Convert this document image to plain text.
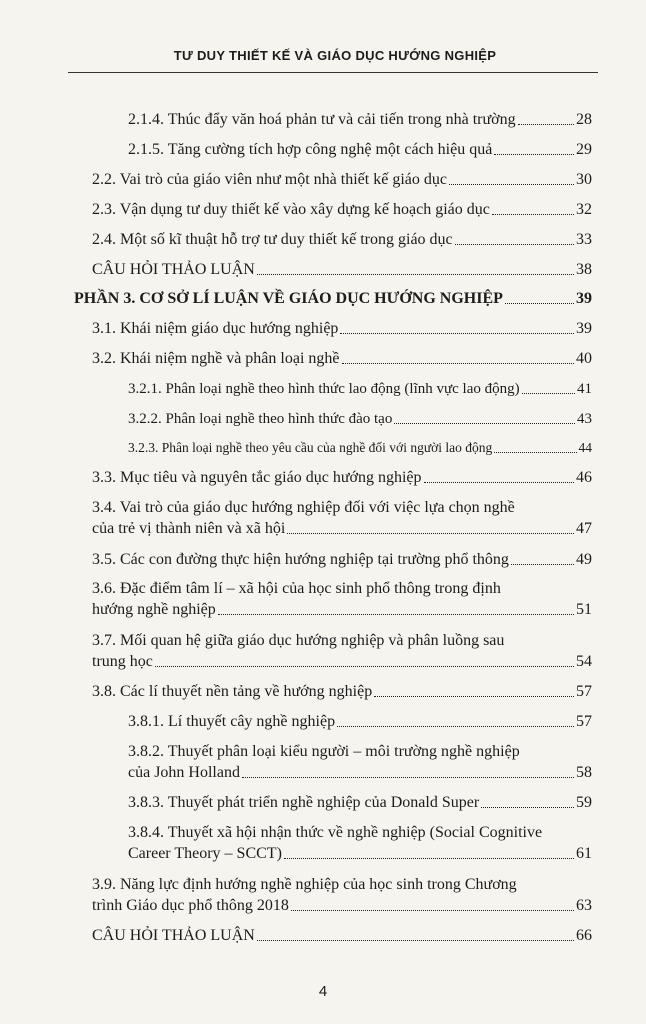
TƯ DUY THIẾT KẾ VÀ GIÁO DỤC HƯỚNG NGHIỆP
2.1.4. Thúc đẩy văn hoá phản tư và cải tiến trong nhà trường	28
2.1.5. Tăng cường tích hợp công nghệ một cách hiệu quả	29
2.2. Vai trò của giáo viên như một nhà thiết kế giáo dục	30
2.3. Vận dụng tư duy thiết kế vào xây dựng kế hoạch giáo dục	32
2.4. Một số kĩ thuật hỗ trợ tư duy thiết kế trong giáo dục	33
CÂU HỎI THẢO LUẬN	38
PHẦN 3. CƠ SỞ LÍ LUẬN VỀ GIÁO DỤC HƯỚNG NGHIỆP	39
3.1. Khái niệm giáo dục hướng nghiệp	39
3.2. Khái niệm nghề và phân loại nghề	40
3.2.1. Phân loại nghề theo hình thức lao động (lĩnh vực lao động)	41
3.2.2. Phân loại nghề theo hình thức đào tạo	43
3.2.3. Phân loại nghề theo yêu cầu của nghề đối với người lao động	44
3.3. Mục tiêu và nguyên tắc giáo dục hướng nghiệp	46
3.4. Vai trò của giáo dục hướng nghiệp đối với việc lựa chọn nghề
của trẻ vị thành niên và xã hội	47
3.5. Các con đường thực hiện hướng nghiệp tại trường phổ thông	49
3.6. Đặc điểm tâm lí – xã hội của học sinh phổ thông trong định
hướng nghề nghiệp	51
3.7. Mối quan hệ giữa giáo dục hướng nghiệp và phân luồng sau
trung học	54
3.8. Các lí thuyết nền tảng về hướng nghiệp	57
3.8.1. Lí thuyết cây nghề nghiệp	57
3.8.2. Thuyết phân loại kiểu người – môi trường nghề nghiệp
của John Holland	58
3.8.3. Thuyết phát triển nghề nghiệp của Donald Super	59
3.8.4. Thuyết xã hội nhận thức về nghề nghiệp (Social Cognitive
Career Theory – SCCT)	61
3.9. Năng lực định hướng nghề nghiệp của học sinh trong Chương
trình Giáo dục phổ thông 2018	63
CÂU HỎI THẢO LUẬN	66
4
